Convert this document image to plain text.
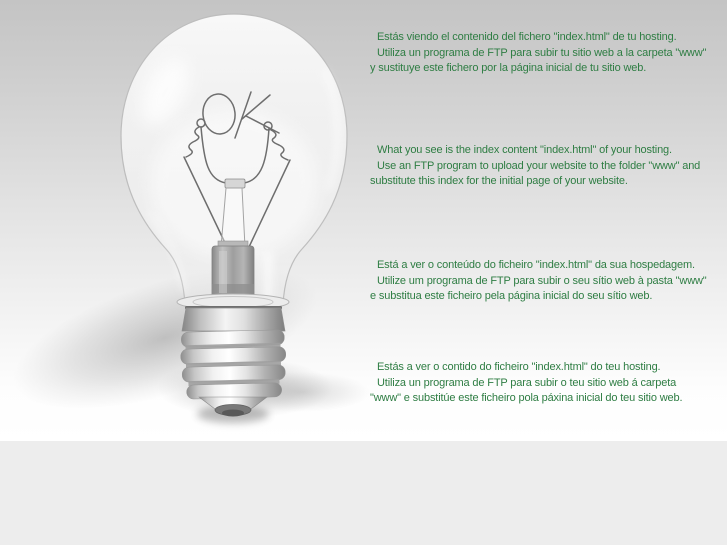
Estás viendo el contenido del fichero "index.html" de tu hosting.
Utiliza un programa de FTP para subir tu sitio web a la carpeta "www"
y sustituye este fichero por la página inicial de tu sitio web.
What you see is the index content "index.html" of your hosting.
Use an FTP program to upload your website to the folder "www" and
substitute this index for the initial page of your website.
Está a ver o conteúdo do ficheiro "index.html" da sua hospedagem.
Utilize um programa de FTP para subir o seu sítio web à pasta "www"
e substitua este ficheiro pela página inicial do seu sítio web.
Estás a ver o contido do ficheiro "index.html" do teu hosting.
Utiliza un programa de FTP para subir o teu sitio web á carpeta
"www" e substitúe este ficheiro pola páxina inicial do teu sitio web.
